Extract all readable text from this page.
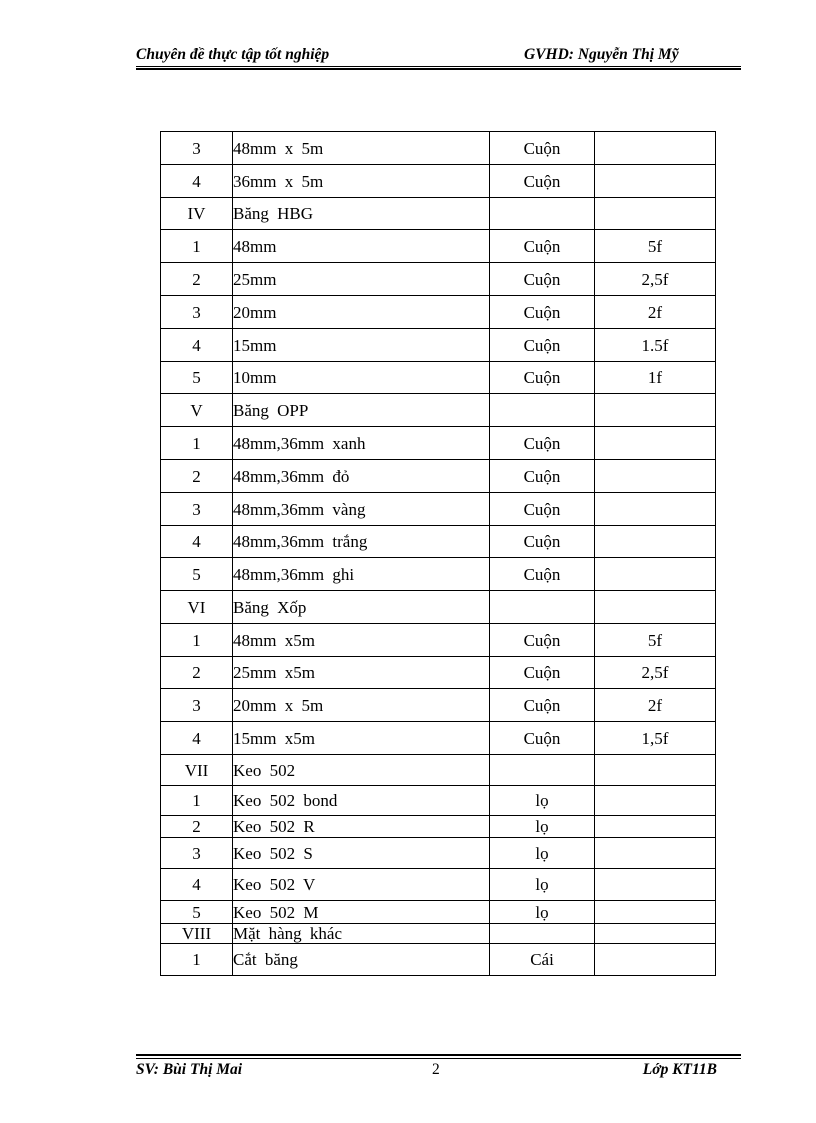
Chuyên đề thực tập tốt nghiệp	GVHD: Nguyễn Thị Mỹ
3	48mm x 5m	Cuộn	
4	36mm x 5m	Cuộn	
IV	Băng HBG		
1	48mm	Cuộn	5f
2	25mm	Cuộn	2,5f
3	20mm	Cuộn	2f
4	15mm	Cuộn	1.5f
5	10mm	Cuộn	1f
V	Băng OPP		
1	48mm,36mm xanh	Cuộn	
2	48mm,36mm đỏ	Cuộn	
3	48mm,36mm vàng	Cuộn	
4	48mm,36mm trắng	Cuộn	
5	48mm,36mm ghi	Cuộn	
VI	Băng Xốp		
1	48mm x5m	Cuộn	5f
2	25mm x5m	Cuộn	2,5f
3	20mm x 5m	Cuộn	2f
4	15mm x5m	Cuộn	1,5f
VII	Keo 502		
1	Keo 502 bond	lọ	
2	Keo 502 R	lọ	
3	Keo 502 S	lọ	
4	Keo 502 V	lọ	
5	Keo 502 M	lọ	
VIII	Mặt hàng khác		
1	Cắt băng	Cái	
SV: Bùi Thị Mai	2	Lớp KT11B
